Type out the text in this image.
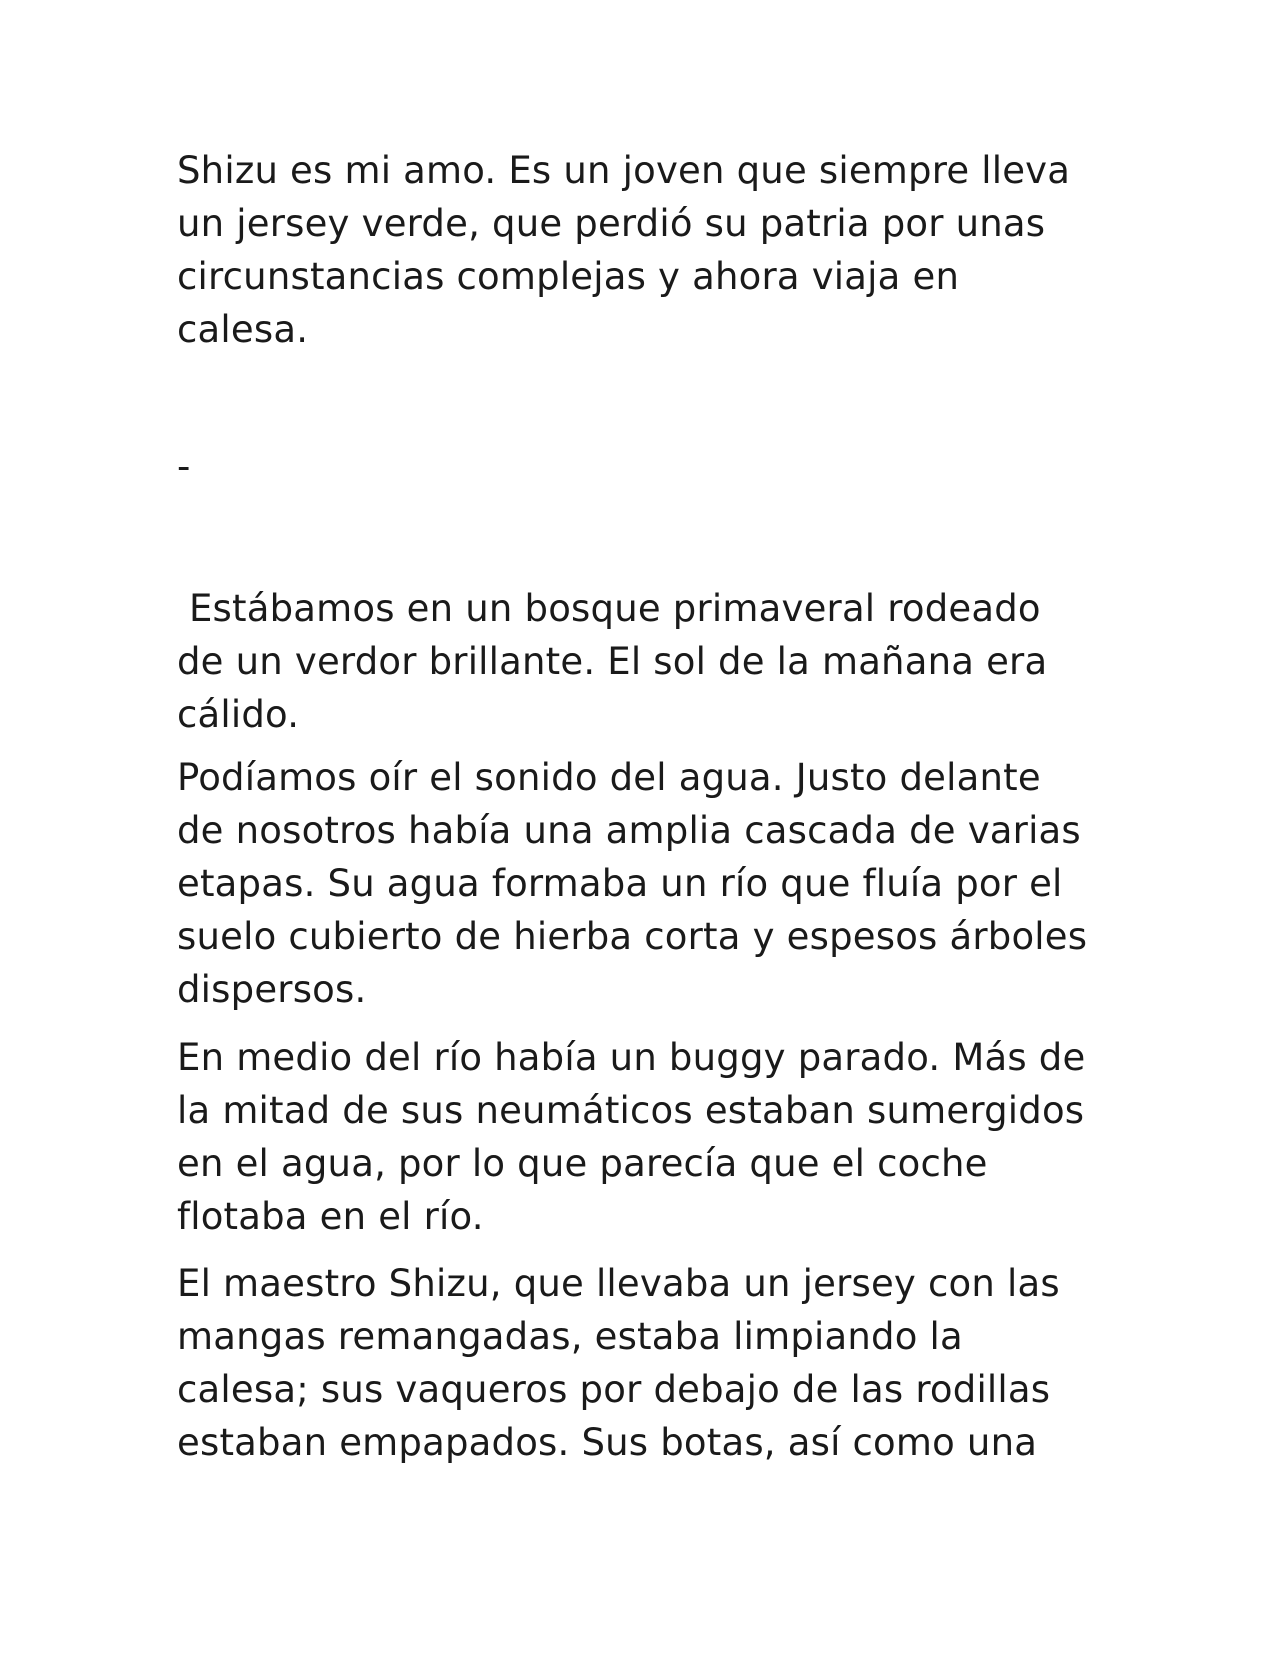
Shizu es mi amo. Es un joven que siempre lleva
un jersey verde, que perdió su patria por unas
circunstancias complejas y ahora viaja en
calesa.
-
Estábamos en un bosque primaveral rodeado
de un verdor brillante. El sol de la mañana era
cálido.
Podíamos oír el sonido del agua. Justo delante
de nosotros había una amplia cascada de varias
etapas. Su agua formaba un río que fluía por el
suelo cubierto de hierba corta y espesos árboles
dispersos.
En medio del río había un buggy parado. Más de
la mitad de sus neumáticos estaban sumergidos
en el agua, por lo que parecía que el coche
flotaba en el río.
El maestro Shizu, que llevaba un jersey con las
mangas remangadas, estaba limpiando la
calesa; sus vaqueros por debajo de las rodillas
estaban empapados. Sus botas, así como una
